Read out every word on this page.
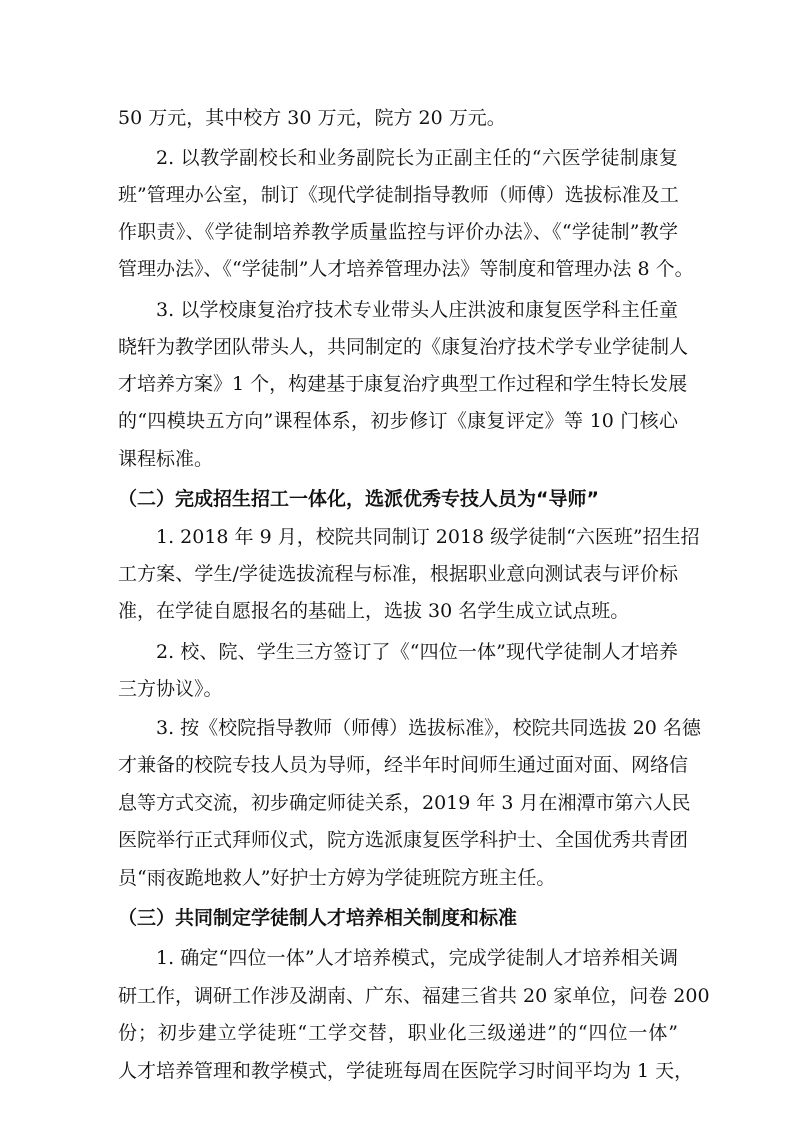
50 万元，其中校方 30 万元，院方 20 万元。
2. 以教学副校长和业务副院长为正副主任的“六医学徒制康复
班”管理办公室，制订《现代学徒制指导教师（师傅）选拔标准及工
作职责》、《学徒制培养教学质量监控与评价办法》、《“学徒制”教学
管理办法》、《“学徒制”人才培养管理办法》等制度和管理办法 8 个。
3. 以学校康复治疗技术专业带头人庄洪波和康复医学科主任童
晓轩为教学团队带头人，共同制定的《康复治疗技术学专业学徒制人
才培养方案》1 个，构建基于康复治疗典型工作过程和学生特长发展
的“四模块五方向”课程体系，初步修订《康复评定》等 10 门核心
课程标准。
（二）完成招生招工一体化，选派优秀专技人员为“导师”
1. 2018 年 9 月，校院共同制订 2018 级学徒制“六医班”招生招
工方案、学生/学徒选拔流程与标准，根据职业意向测试表与评价标
准，在学徒自愿报名的基础上，选拔 30 名学生成立试点班。
2. 校、院、学生三方签订了《“四位一体”现代学徒制人才培养
三方协议》。
3. 按《校院指导教师（师傅）选拔标准》，校院共同选拔 20 名德
才兼备的校院专技人员为导师，经半年时间师生通过面对面、网络信
息等方式交流，初步确定师徒关系，2019 年 3 月在湘潭市第六人民
医院举行正式拜师仪式，院方选派康复医学科护士、全国优秀共青团
员“雨夜跪地救人”好护士方婷为学徒班院方班主任。
（三）共同制定学徒制人才培养相关制度和标准
1. 确定“四位一体”人才培养模式，完成学徒制人才培养相关调
研工作，调研工作涉及湖南、广东、福建三省共 20 家单位，问卷 200
份；初步建立学徒班“工学交替，职业化三级递进”的“四位一体”
人才培养管理和教学模式，学徒班每周在医院学习时间平均为 1 天，
